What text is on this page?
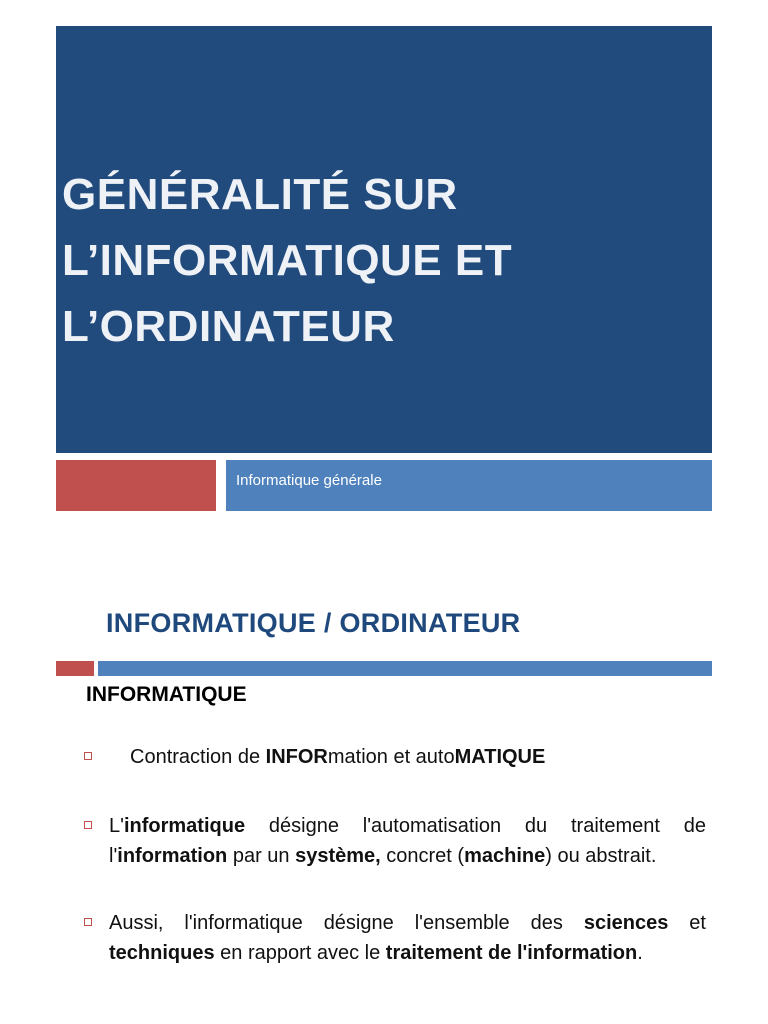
GÉNÉRALITÉ SUR
L’INFORMATIQUE ET
L’ORDINATEUR
Informatique générale
INFORMATIQUE / ORDINATEUR
INFORMATIQUE
Contraction de INFORmation et autoMATIQUE
L'informatique désigne l'automatisation du traitement de l'information par un système, concret (machine) ou abstrait.
Aussi, l'informatique désigne l'ensemble des sciences et techniques en rapport avec le traitement de l'information.
